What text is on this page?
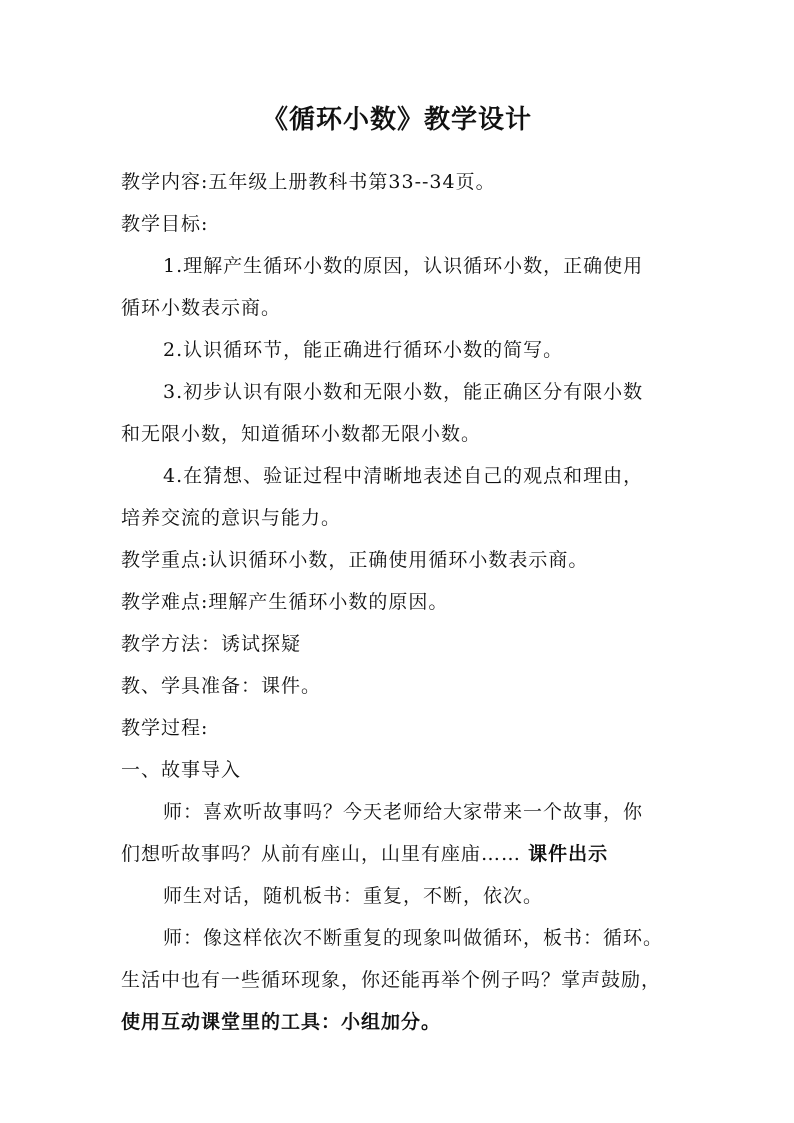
《循环小数》教学设计
教学内容:五年级上册教科书第33--34页。
教学目标:
1.理解产生循环小数的原因，认识循环小数，正确使用
循环小数表示商。
2.认识循环节，能正确进行循环小数的简写。
3.初步认识有限小数和无限小数，能正确区分有限小数
和无限小数，知道循环小数都无限小数。
4.在猜想、验证过程中清晰地表述自己的观点和理由，
培养交流的意识与能力。
教学重点:认识循环小数，正确使用循环小数表示商。
教学难点:理解产生循环小数的原因。
教学方法：诱试探疑
教、学具准备：课件。
教学过程:
一、故事导入
师：喜欢听故事吗？今天老师给大家带来一个故事，你
们想听故事吗？从前有座山，山里有座庙…… 课件出示
师生对话，随机板书：重复，不断，依次。
师：像这样依次不断重复的现象叫做循环，板书：循环。
生活中也有一些循环现象，你还能再举个例子吗？掌声鼓励，
使用互动课堂里的工具：小组加分。
